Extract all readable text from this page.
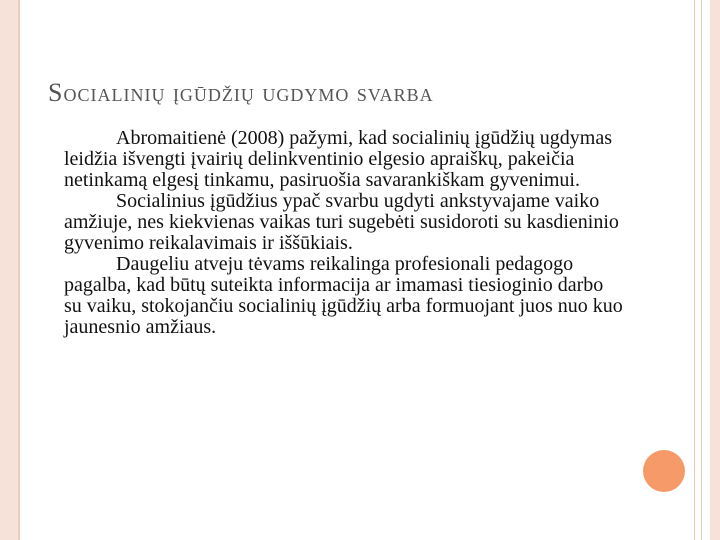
Socialinių įgūdžių ugdymo svarba

Abromaitienė (2008) pažymi, kad socialinių įgūdžių ugdymas leidžia išvengti įvairių delinkventinio elgesio apraiškų, pakeičia netinkamą elgesį tinkamu, pasiruošia savarankiškam gyvenimui.

Socialinius įgūdžius ypač svarbu ugdyti ankstyvajame vaiko amžiuje, nes kiekvienas vaikas turi sugebėti susidoroti su kasdieninio gyvenimo reikalavimais ir iššūkiais.

Daugeliu atveju tėvams reikalinga profesionali pedagogo pagalba, kad būtų suteikta informacija ar imamasi tiesioginio darbo su vaiku, stokojančiu socialinių įgūdžių arba formuojant juos nuo kuo jaunesnio amžiaus.
